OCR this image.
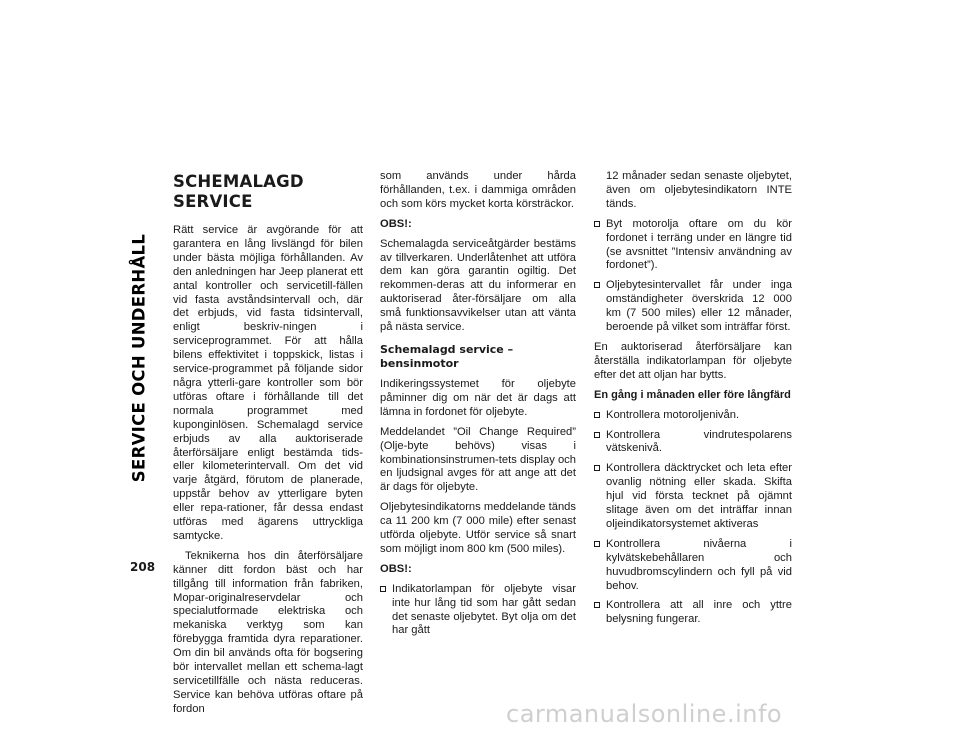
SERVICE OCH UNDERHÅLL
208
SCHEMALAGD SERVICE

Rätt service är avgörande för att garantera en lång livslängd för bilen under bästa möjliga förhållanden. Av den anledningen har Jeep planerat ett antal kontroller och servicetill-fällen vid fasta avståndsintervall och, där det erbjuds, vid fasta tidsintervall, enligt beskriv-ningen i serviceprogrammet. För att hålla bilens effektivitet i toppskick, listas i service-programmet på följande sidor några ytterli-gare kontroller som bör utföras oftare i förhållande till det normala programmet med kuponginlösen. Schemalagd service erbjuds av alla auktoriserade återförsäljare enligt bestämda tids- eller kilometerintervall. Om det vid varje åtgärd, förutom de planerade, uppstår behov av ytterligare byten eller repa-rationer, får dessa endast utföras med ägarens uttryckliga samtycke.

Teknikerna hos din återförsäljare känner ditt fordon bäst och har tillgång till information från fabriken, Mopar-originalreservdelar och specialutformade elektriska och mekaniska verktyg som kan förebygga framtida dyra reparationer. Om din bil används ofta för bogsering bör intervallet mellan ett schema-lagt servicetillfälle och nästa reduceras. Service kan behöva utföras oftare på fordon

som används under hårda förhållanden, t.ex. i dammiga områden och som körs mycket korta körsträckor.

OBS!:

Schemalagda serviceåtgärder bestäms av tillverkaren. Underlåtenhet att utföra dem kan göra garantin ogiltig. Det rekommen-deras att du informerar en auktoriserad åter-försäljare om alla små funktionsavvikelser utan att vänta på nästa service.

Schemalagd service – bensinmotor

Indikeringssystemet för oljebyte påminner dig om när det är dags att lämna in fordonet för oljebyte.

Meddelandet ”Oil Change Required” (Olje-byte behövs) visas i kombinationsinstrumen-tets display och en ljudsignal avges för att ange att det är dags för oljebyte.

Oljebytesindikatorns meddelande tänds ca 11 200 km (7 000 mile) efter senast utförda oljebyte. Utför service så snart som möjligt inom 800 km (500 miles).

OBS!:

Indikatorlampan för oljebyte visar inte hur lång tid som har gått sedan det senaste oljebytet. Byt olja om det har gått

12 månader sedan senaste oljebytet, även om oljebytesindikatorn INTE tänds.

Byt motorolja oftare om du kör fordonet i terräng under en längre tid (se avsnittet ”Intensiv användning av fordonet”).
Oljebytesintervallet får under inga omständigheter överskrida 12 000 km (7 500 miles) eller 12 månader, beroende på vilket som inträffar först.

En auktoriserad återförsäljare kan återställa indikatorlampan för oljebyte efter det att oljan har bytts.

En gång i månaden eller före långfärd

Kontrollera motoroljenivån.
Kontrollera vindrutespolarens vätskenivå.
Kontrollera däcktrycket och leta efter ovanlig nötning eller skada. Skifta hjul vid första tecknet på ojämnt slitage även om det inträffar innan oljeindikatorsystemet aktiveras
Kontrollera nivåerna i kylvätskebehållaren och huvudbromscylindern och fyll på vid behov.
Kontrollera att all inre och yttre belysning fungerar.
carmanualsonline.info
